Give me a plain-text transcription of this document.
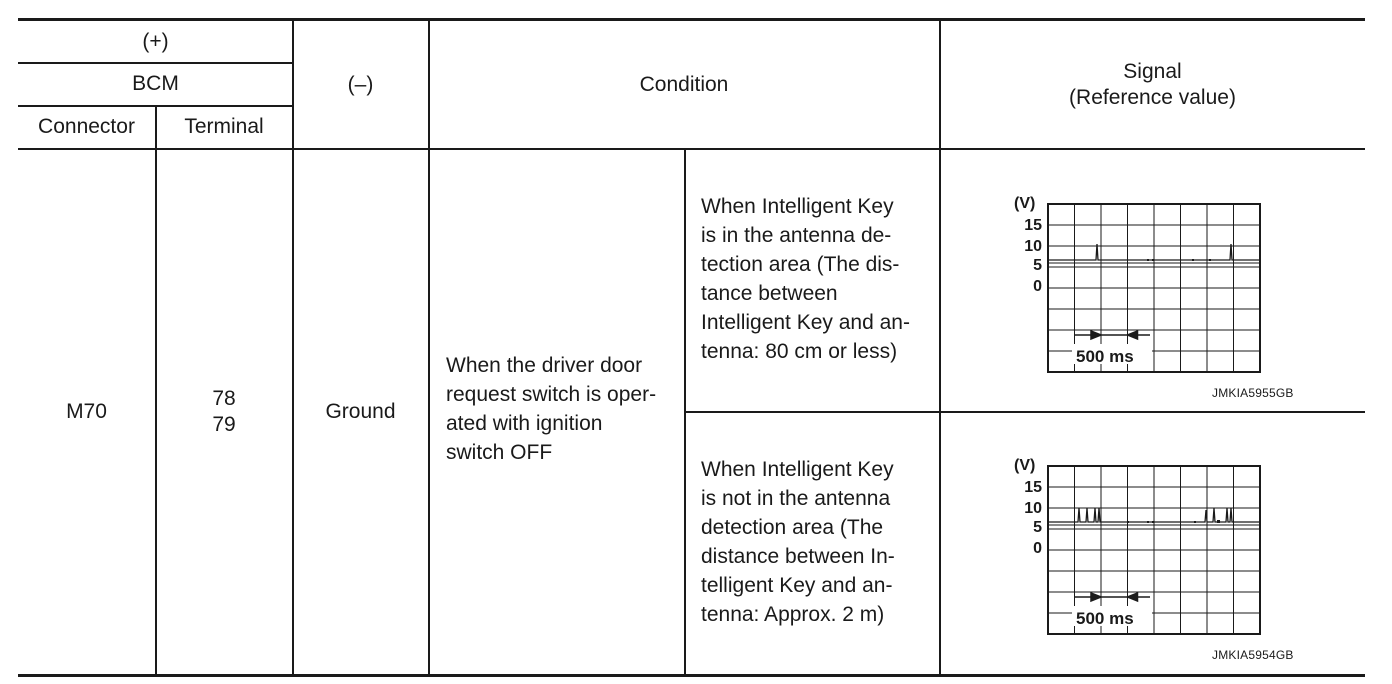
(+)
BCM
Connector	Terminal
(–)	Condition
Signal
(Reference value)
M70
78
79
Ground
When the driver door
request switch is oper-
ated with ignition
switch OFF
When Intelligent Key
is in the antenna de-
tection area (The dis-
tance between
Intelligent Key and an-
tenna: 80 cm or less)
When Intelligent Key
is not in the antenna
detection area (The
distance between In-
telligent Key and an-
tenna: Approx. 2 m)
(V)
15
10
5
0
500 ms
JMKIA5955GB
(V)
15
10
5
0
500 ms
JMKIA5954GB
